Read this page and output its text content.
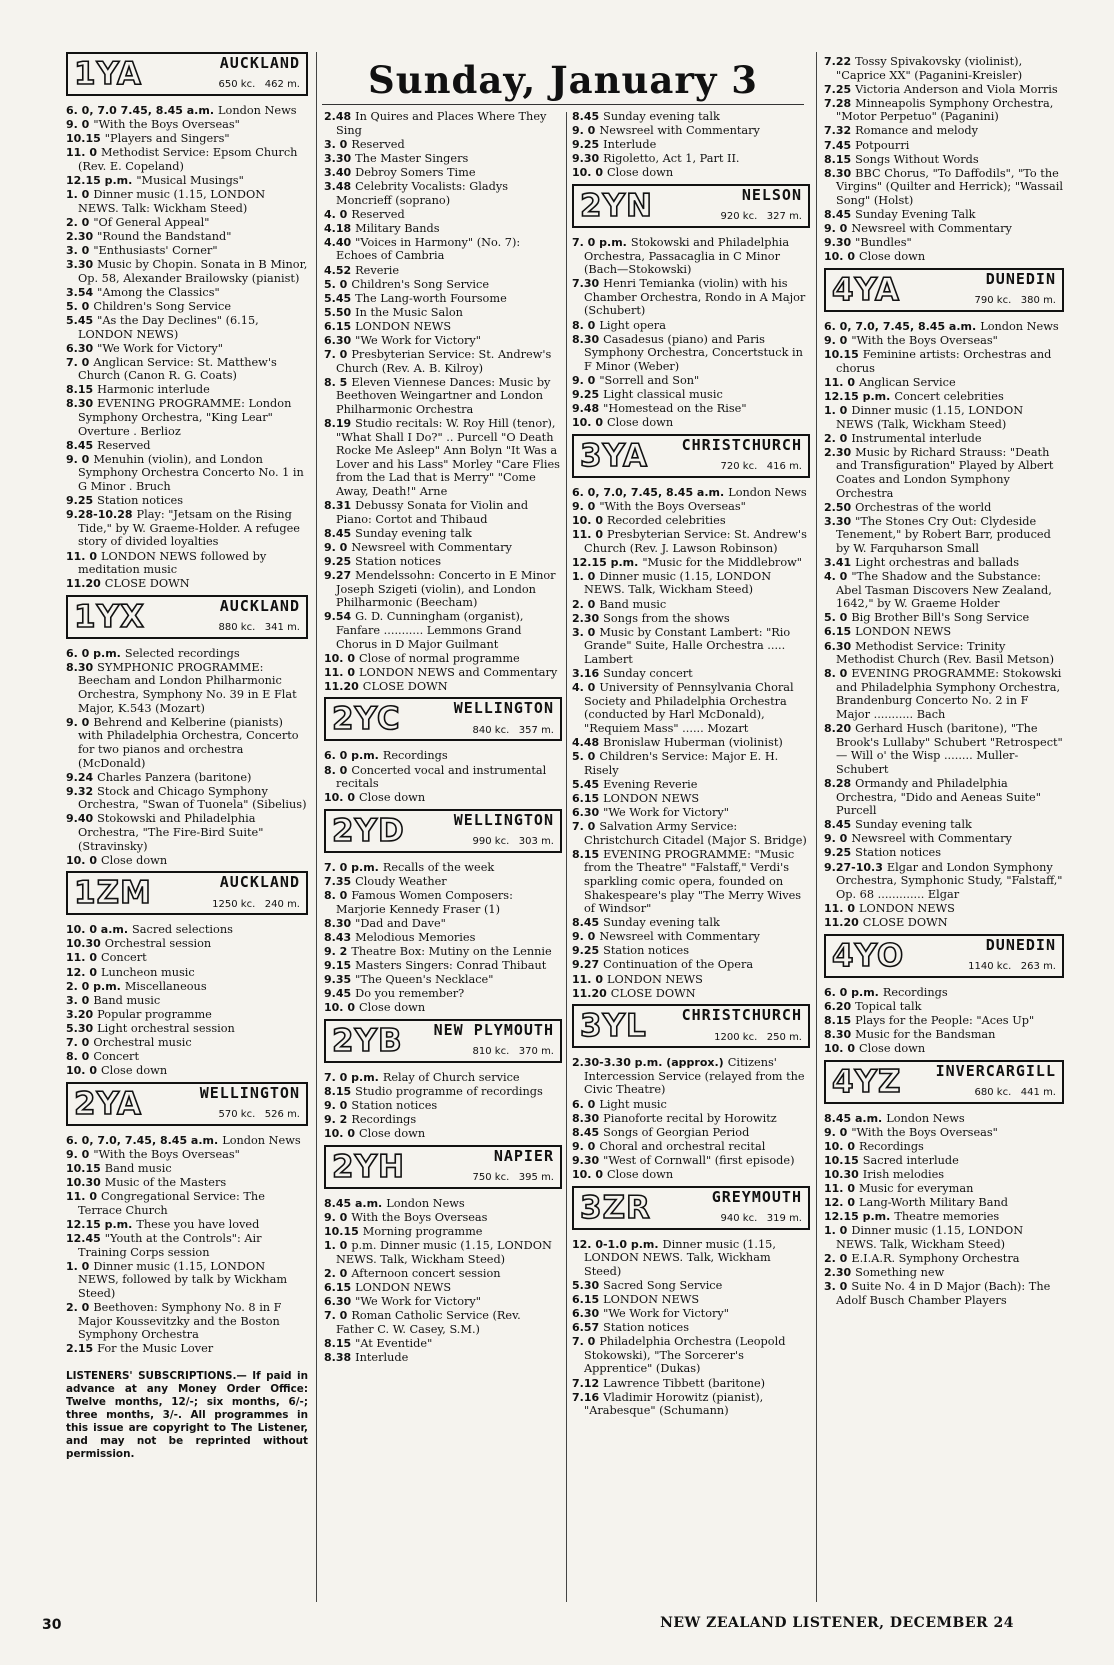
Sunday, January 3
1YA	AUCKLAND
650 kc.   462 m.
6. 0, 7.0 7.45, 8.45 a.m. London News
9. 0 "With the Boys Overseas"
10.15 "Players and Singers"
11. 0 Methodist Service: Epsom Church (Rev. E. Copeland)
12.15 p.m. "Musical Musings"
1. 0 Dinner music (1.15, LONDON NEWS. Talk: Wickham Steed)
2. 0 "Of General Appeal"
2.30 "Round the Bandstand"
3. 0 "Enthusiasts' Corner"
3.30 Music by Chopin. Sonata in B Minor, Op. 58, Alexander Brailowsky (pianist)
3.54 "Among the Classics"
5. 0 Children's Song Service
5.45 "As the Day Declines" (6.15, LONDON NEWS)
6.30 "We Work for Victory"
7. 0 Anglican Service: St. Matthew's Church (Canon R. G. Coats)
8.15 Harmonic interlude
8.30 EVENING PROGRAMME: London Symphony Orchestra, "King Lear" Overture . Berlioz
8.45 Reserved
9. 0 Menuhin (violin), and London Symphony Orchestra Concerto No. 1 in G Minor . Bruch
9.25 Station notices
9.28-10.28 Play: "Jetsam on the Rising Tide," by W. Graeme-Holder. A refugee story of divided loyalties
11. 0 LONDON NEWS followed by meditation music
11.20 CLOSE DOWN
1YX	AUCKLAND
880 kc.   341 m.
6. 0 p.m. Selected recordings
8.30 SYMPHONIC PROGRAMME: Beecham and London Philharmonic Orchestra, Symphony No. 39 in E Flat Major, K.543 (Mozart)
9. 0 Behrend and Kelberine (pianists) with Philadelphia Orchestra, Concerto for two pianos and orchestra (McDonald)
9.24 Charles Panzera (baritone)
9.32 Stock and Chicago Symphony Orchestra, "Swan of Tuonela" (Sibelius)
9.40 Stokowski and Philadelphia Orchestra, "The Fire-Bird Suite" (Stravinsky)
10. 0 Close down
1ZM	AUCKLAND
1250 kc.   240 m.
10. 0 a.m. Sacred selections
10.30 Orchestral session
11. 0 Concert
12. 0 Luncheon music
2. 0 p.m. Miscellaneous
3. 0 Band music
3.20 Popular programme
5.30 Light orchestral session
7. 0 Orchestral music
8. 0 Concert
10. 0 Close down
2YA	WELLINGTON
570 kc.   526 m.
6. 0, 7.0, 7.45, 8.45 a.m. London News
9. 0 "With the Boys Overseas"
10.15 Band music
10.30 Music of the Masters
11. 0 Congregational Service: The Terrace Church
12.15 p.m. These you have loved
12.45 "Youth at the Controls": Air Training Corps session
1. 0 Dinner music (1.15, LONDON NEWS, followed by talk by Wickham Steed)
2. 0 Beethoven: Symphony No. 8 in F Major Koussevitzky and the Boston Symphony Orchestra
2.15 For the Music Lover
LISTENERS' SUBSCRIPTIONS.— If paid in advance at any Money Order Office: Twelve months, 12/-; six months, 6/-; three months, 3/-. All programmes in this issue are copyright to The Listener, and may not be reprinted without permission.
2.48 In Quires and Places Where They Sing
3. 0 Reserved
3.30 The Master Singers
3.40 Debroy Somers Time
3.48 Celebrity Vocalists: Gladys Moncrieff (soprano)
4. 0 Reserved
4.18 Military Bands
4.40 "Voices in Harmony" (No. 7): Echoes of Cambria
4.52 Reverie
5. 0 Children's Song Service
5.45 The Lang-worth Foursome
5.50 In the Music Salon
6.15 LONDON NEWS
6.30 "We Work for Victory"
7. 0 Presbyterian Service: St. Andrew's Church (Rev. A. B. Kilroy)
8. 5 Eleven Viennese Dances: Music by Beethoven Weingartner and London Philharmonic Orchestra
8.19 Studio recitals: W. Roy Hill (tenor), "What Shall I Do?" .. Purcell "O Death Rocke Me Asleep" Ann Bolyn "It Was a Lover and his Lass" Morley "Care Flies from the Lad that is Merry" "Come Away, Death!" Arne
8.31 Debussy Sonata for Violin and Piano: Cortot and Thibaud
8.45 Sunday evening talk
9. 0 Newsreel with Commentary
9.25 Station notices
9.27 Mendelssohn: Concerto in E Minor Joseph Szigeti (violin), and London Philharmonic (Beecham)
9.54 G. D. Cunningham (organist), Fanfare ........... Lemmons Grand Chorus in D Major Guilmant
10. 0 Close of normal programme
11. 0 LONDON NEWS and Commentary
11.20 CLOSE DOWN
2YC	WELLINGTON
840 kc.   357 m.
6. 0 p.m. Recordings
8. 0 Concerted vocal and instrumental recitals
10. 0 Close down
2YD	WELLINGTON
990 kc.   303 m.
7. 0 p.m. Recalls of the week
7.35 Cloudy Weather
8. 0 Famous Women Composers: Marjorie Kennedy Fraser (1)
8.30 "Dad and Dave"
8.43 Melodious Memories
9. 2 Theatre Box: Mutiny on the Lennie
9.15 Masters Singers: Conrad Thibaut
9.35 "The Queen's Necklace"
9.45 Do you remember?
10. 0 Close down
2YB NEW PLYMOUTH
810 kc.   370 m.
7. 0 p.m. Relay of Church service
8.15 Studio programme of recordings
9. 0 Station notices
9. 2 Recordings
10. 0 Close down
2YH	NAPIER
750 kc.   395 m.
8.45 a.m. London News
9. 0 With the Boys Overseas
10.15 Morning programme
1. 0 p.m. Dinner music (1.15, LONDON NEWS. Talk, Wickham Steed)
2. 0 Afternoon concert session
6.15 LONDON NEWS
6.30 "We Work for Victory"
7. 0 Roman Catholic Service (Rev. Father C. W. Casey, S.M.)
8.15 "At Eventide"
8.38 Interlude
8.45 Sunday evening talk
9. 0 Newsreel with Commentary
9.25 Interlude
9.30 Rigoletto, Act 1, Part II.
10. 0 Close down
2YN	NELSON
920 kc.   327 m.
7. 0 p.m. Stokowski and Philadelphia Orchestra, Passacaglia in C Minor (Bach—Stokowski)
7.30 Henri Temianka (violin) with his Chamber Orchestra, Rondo in A Major (Schubert)
8. 0 Light opera
8.30 Casadesus (piano) and Paris Symphony Orchestra, Concertstuck in F Minor (Weber)
9. 0 "Sorrell and Son"
9.25 Light classical music
9.48 "Homestead on the Rise"
10. 0 Close down
3YA CHRISTCHURCH
720 kc.   416 m.
6. 0, 7.0, 7.45, 8.45 a.m. London News
9. 0 "With the Boys Overseas"
10. 0 Recorded celebrities
11. 0 Presbyterian Service: St. Andrew's Church (Rev. J. Lawson Robinson)
12.15 p.m. "Music for the Middlebrow"
1. 0 Dinner music (1.15, LONDON NEWS. Talk, Wickham Steed)
2. 0 Band music
2.30 Songs from the shows
3. 0 Music by Constant Lambert: "Rio Grande" Suite, Halle Orchestra ..... Lambert
3.16 Sunday concert
4. 0 University of Pennsylvania Choral Society and Philadelphia Orchestra (conducted by Harl McDonald), "Requiem Mass" ...... Mozart
4.48 Bronislaw Huberman (violinist)
5. 0 Children's Service: Major E. H. Risely
5.45 Evening Reverie
6.15 LONDON NEWS
6.30 "We Work for Victory"
7. 0 Salvation Army Service: Christchurch Citadel (Major S. Bridge)
8.15 EVENING PROGRAMME: "Music from the Theatre" "Falstaff," Verdi's sparkling comic opera, founded on Shakespeare's play "The Merry Wives of Windsor"
8.45 Sunday evening talk
9. 0 Newsreel with Commentary
9.25 Station notices
9.27 Continuation of the Opera
11. 0 LONDON NEWS
11.20 CLOSE DOWN
3YL CHRISTCHURCH
1200 kc.   250 m.
2.30-3.30 p.m. (approx.) Citizens' Intercession Service (relayed from the Civic Theatre)
6. 0 Light music
8.30 Pianoforte recital by Horowitz
8.45 Songs of Georgian Period
9. 0 Choral and orchestral recital
9.30 "West of Cornwall" (first episode)
10. 0 Close down
3ZR	GREYMOUTH
940 kc.   319 m.
12. 0-1.0 p.m. Dinner music (1.15, LONDON NEWS. Talk, Wickham Steed)
5.30 Sacred Song Service
6.15 LONDON NEWS
6.30 "We Work for Victory"
6.57 Station notices
7. 0 Philadelphia Orchestra (Leopold Stokowski), "The Sorcerer's Apprentice" (Dukas)
7.12 Lawrence Tibbett (baritone)
7.16 Vladimir Horowitz (pianist), "Arabesque" (Schumann)
7.22 Tossy Spivakovsky (violinist), "Caprice XX" (Paganini-Kreisler)
7.25 Victoria Anderson and Viola Morris
7.28 Minneapolis Symphony Orchestra, "Motor Perpetuo" (Paganini)
7.32 Romance and melody
7.45 Potpourri
8.15 Songs Without Words
8.30 BBC Chorus, "To Daffodils", "To the Virgins" (Quilter and Herrick); "Wassail Song" (Holst)
8.45 Sunday Evening Talk
9. 0 Newsreel with Commentary
9.30 "Bundles"
10. 0 Close down
4YA	DUNEDIN
790 kc.   380 m.
6. 0, 7.0, 7.45, 8.45 a.m. London News
9. 0 "With the Boys Overseas"
10.15 Feminine artists: Orchestras and chorus
11. 0 Anglican Service
12.15 p.m. Concert celebrities
1. 0 Dinner music (1.15, LONDON NEWS (Talk, Wickham Steed)
2. 0 Instrumental interlude
2.30 Music by Richard Strauss: "Death and Transfiguration" Played by Albert Coates and London Symphony Orchestra
2.50 Orchestras of the world
3.30 "The Stones Cry Out: Clydeside Tenement," by Robert Barr, produced by W. Farquharson Small
3.41 Light orchestras and ballads
4. 0 "The Shadow and the Substance: Abel Tasman Discovers New Zealand, 1642," by W. Graeme Holder
5. 0 Big Brother Bill's Song Service
6.15 LONDON NEWS
6.30 Methodist Service: Trinity Methodist Church (Rev. Basil Metson)
8. 0 EVENING PROGRAMME: Stokowski and Philadelphia Symphony Orchestra, Brandenburg Concerto No. 2 in F Major ........... Bach
8.20 Gerhard Husch (baritone), "The Brook's Lullaby" Schubert "Retrospect" — Will o' the Wisp ........ Muller-Schubert
8.28 Ormandy and Philadelphia Orchestra, "Dido and Aeneas Suite" Purcell
8.45 Sunday evening talk
9. 0 Newsreel with Commentary
9.25 Station notices
9.27-10.3 Elgar and London Symphony Orchestra, Symphonic Study, "Falstaff," Op. 68 ............. Elgar
11. 0 LONDON NEWS
11.20 CLOSE DOWN
4YO	DUNEDIN
1140 kc.   263 m.
6. 0 p.m. Recordings
6.20 Topical talk
8.15 Plays for the People: "Aces Up"
8.30 Music for the Bandsman
10. 0 Close down
4YZ INVERCARGILL
680 kc.   441 m.
8.45 a.m. London News
9. 0 "With the Boys Overseas"
10. 0 Recordings
10.15 Sacred interlude
10.30 Irish melodies
11. 0 Music for everyman
12. 0 Lang-Worth Military Band
12.15 p.m. Theatre memories
1. 0 Dinner music (1.15, LONDON NEWS. Talk, Wickham Steed)
2. 0 E.I.A.R. Symphony Orchestra
2.30 Something new
3. 0 Suite No. 4 in D Major (Bach): The Adolf Busch Chamber Players
30	NEW ZEALAND LISTENER, DECEMBER 24
